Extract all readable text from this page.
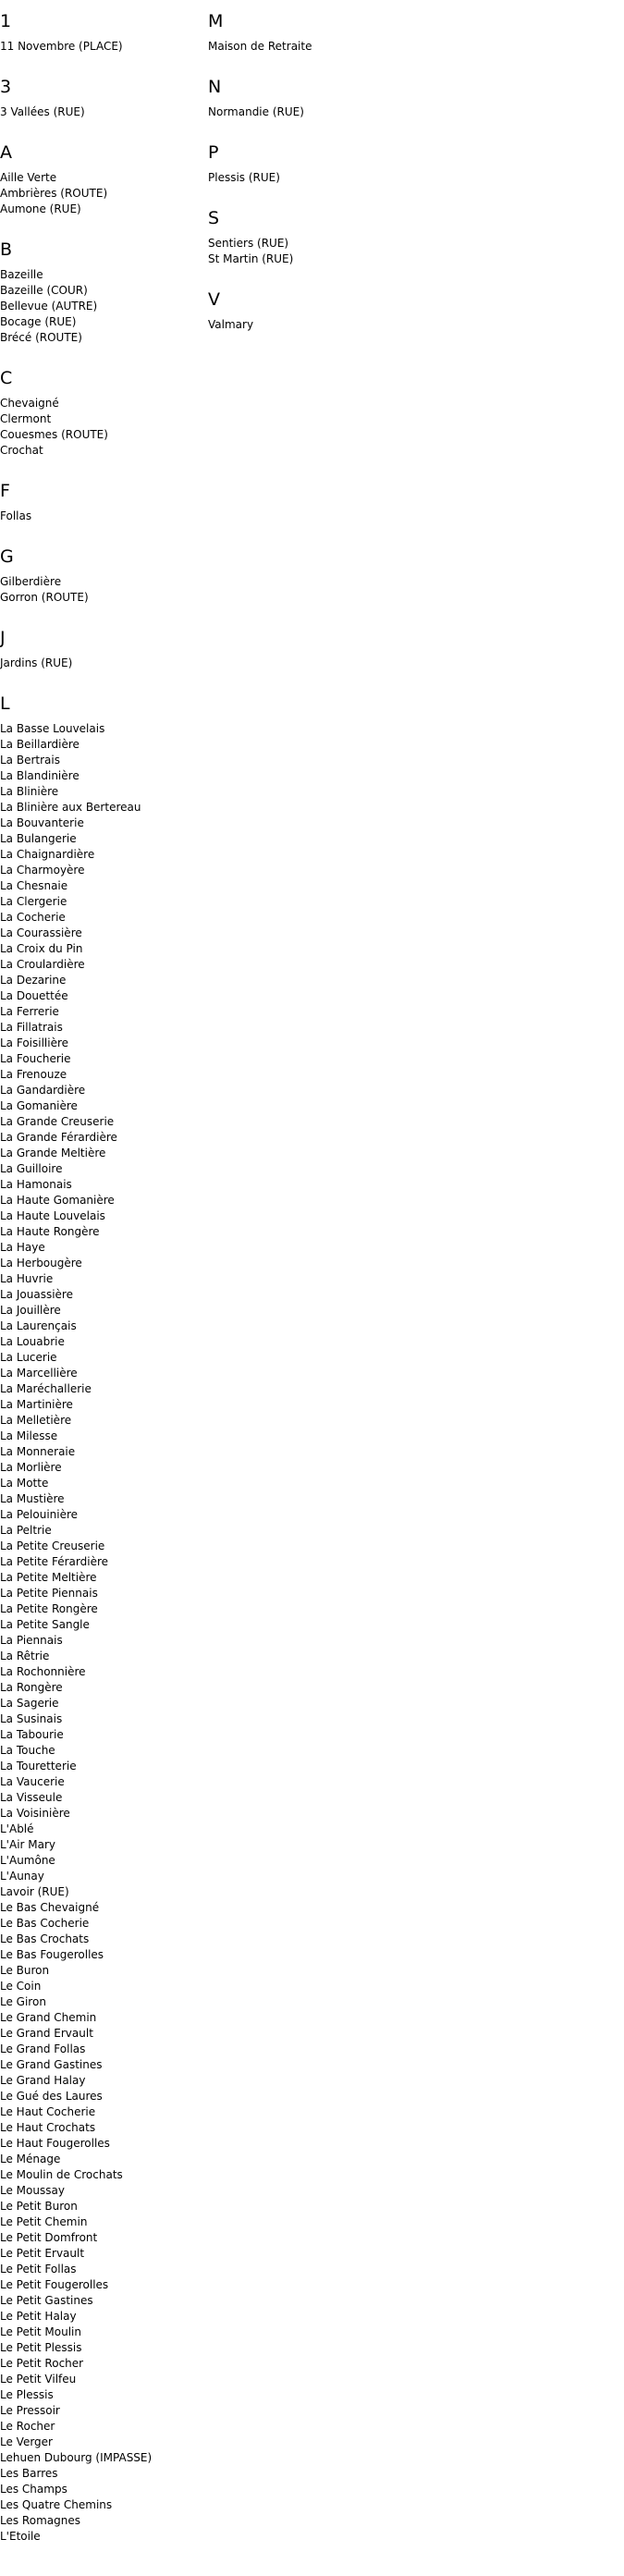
1
11 Novembre (PLACE)
3
3 Vallées (RUE)
A
Aille Verte
Ambrières (ROUTE)
Aumone (RUE)
B
Bazeille
Bazeille (COUR)
Bellevue (AUTRE)
Bocage (RUE)
Brécé (ROUTE)
C
Chevaigné
Clermont
Couesmes (ROUTE)
Crochat
F
Follas
G
Gilberdière
Gorron (ROUTE)
J
Jardins (RUE)
L
La Basse Louvelais
La Beillardière
La Bertrais
La Blandinière
La Blinière
La Blinière aux Bertereau
La Bouvanterie
La Bulangerie
La Chaignardière
La Charmoyère
La Chesnaie
La Clergerie
La Cocherie
La Courassière
La Croix du Pin
La Croulardière
La Dezarine
La Douettée
La Ferrerie
La Fillatrais
La Foisillière
La Foucherie
La Frenouze
La Gandardière
La Gomanière
La Grande Creuserie
La Grande Férardière
La Grande Meltière
La Guilloire
La Hamonais
La Haute Gomanière
La Haute Louvelais
La Haute Rongère
La Haye
La Herbougère
La Huvrie
La Jouassière
La Jouillère
La Laurençais
La Louabrie
La Lucerie
La Marcellière
La Maréchallerie
La Martinière
La Melletière
La Milesse
La Monneraie
La Morlière
La Motte
La Mustière
La Pelouinière
La Peltrie
La Petite Creuserie
La Petite Férardière
La Petite Meltière
La Petite Piennais
La Petite Rongère
La Petite Sangle
La Piennais
La Rêtrie
La Rochonnière
La Rongère
La Sagerie
La Susinais
La Tabourie
La Touche
La Touretterie
La Vaucerie
La Visseule
La Voisinière
L'Ablé
L'Air Mary
L'Aumône
L'Aunay
Lavoir (RUE)
Le Bas Chevaigné
Le Bas Cocherie
Le Bas Crochats
Le Bas Fougerolles
Le Buron
Le Coin
Le Giron
Le Grand Chemin
Le Grand Ervault
Le Grand Follas
Le Grand Gastines
Le Grand Halay
Le Gué des Laures
Le Haut Cocherie
Le Haut Crochats
Le Haut Fougerolles
Le Ménage
Le Moulin de Crochats
Le Moussay
Le Petit Buron
Le Petit Chemin
Le Petit Domfront
Le Petit Ervault
Le Petit Follas
Le Petit Fougerolles
Le Petit Gastines
Le Petit Halay
Le Petit Moulin
Le Petit Plessis
Le Petit Rocher
Le Petit Vilfeu
Le Plessis
Le Pressoir
Le Rocher
Le Verger
Lehuen Dubourg (IMPASSE)
Les Barres
Les Champs
Les Quatre Chemins
Les Romagnes
L'Etoile
M
Maison de Retraite
N
Normandie (RUE)
P
Plessis (RUE)
S
Sentiers (RUE)
St Martin (RUE)
V
Valmary
